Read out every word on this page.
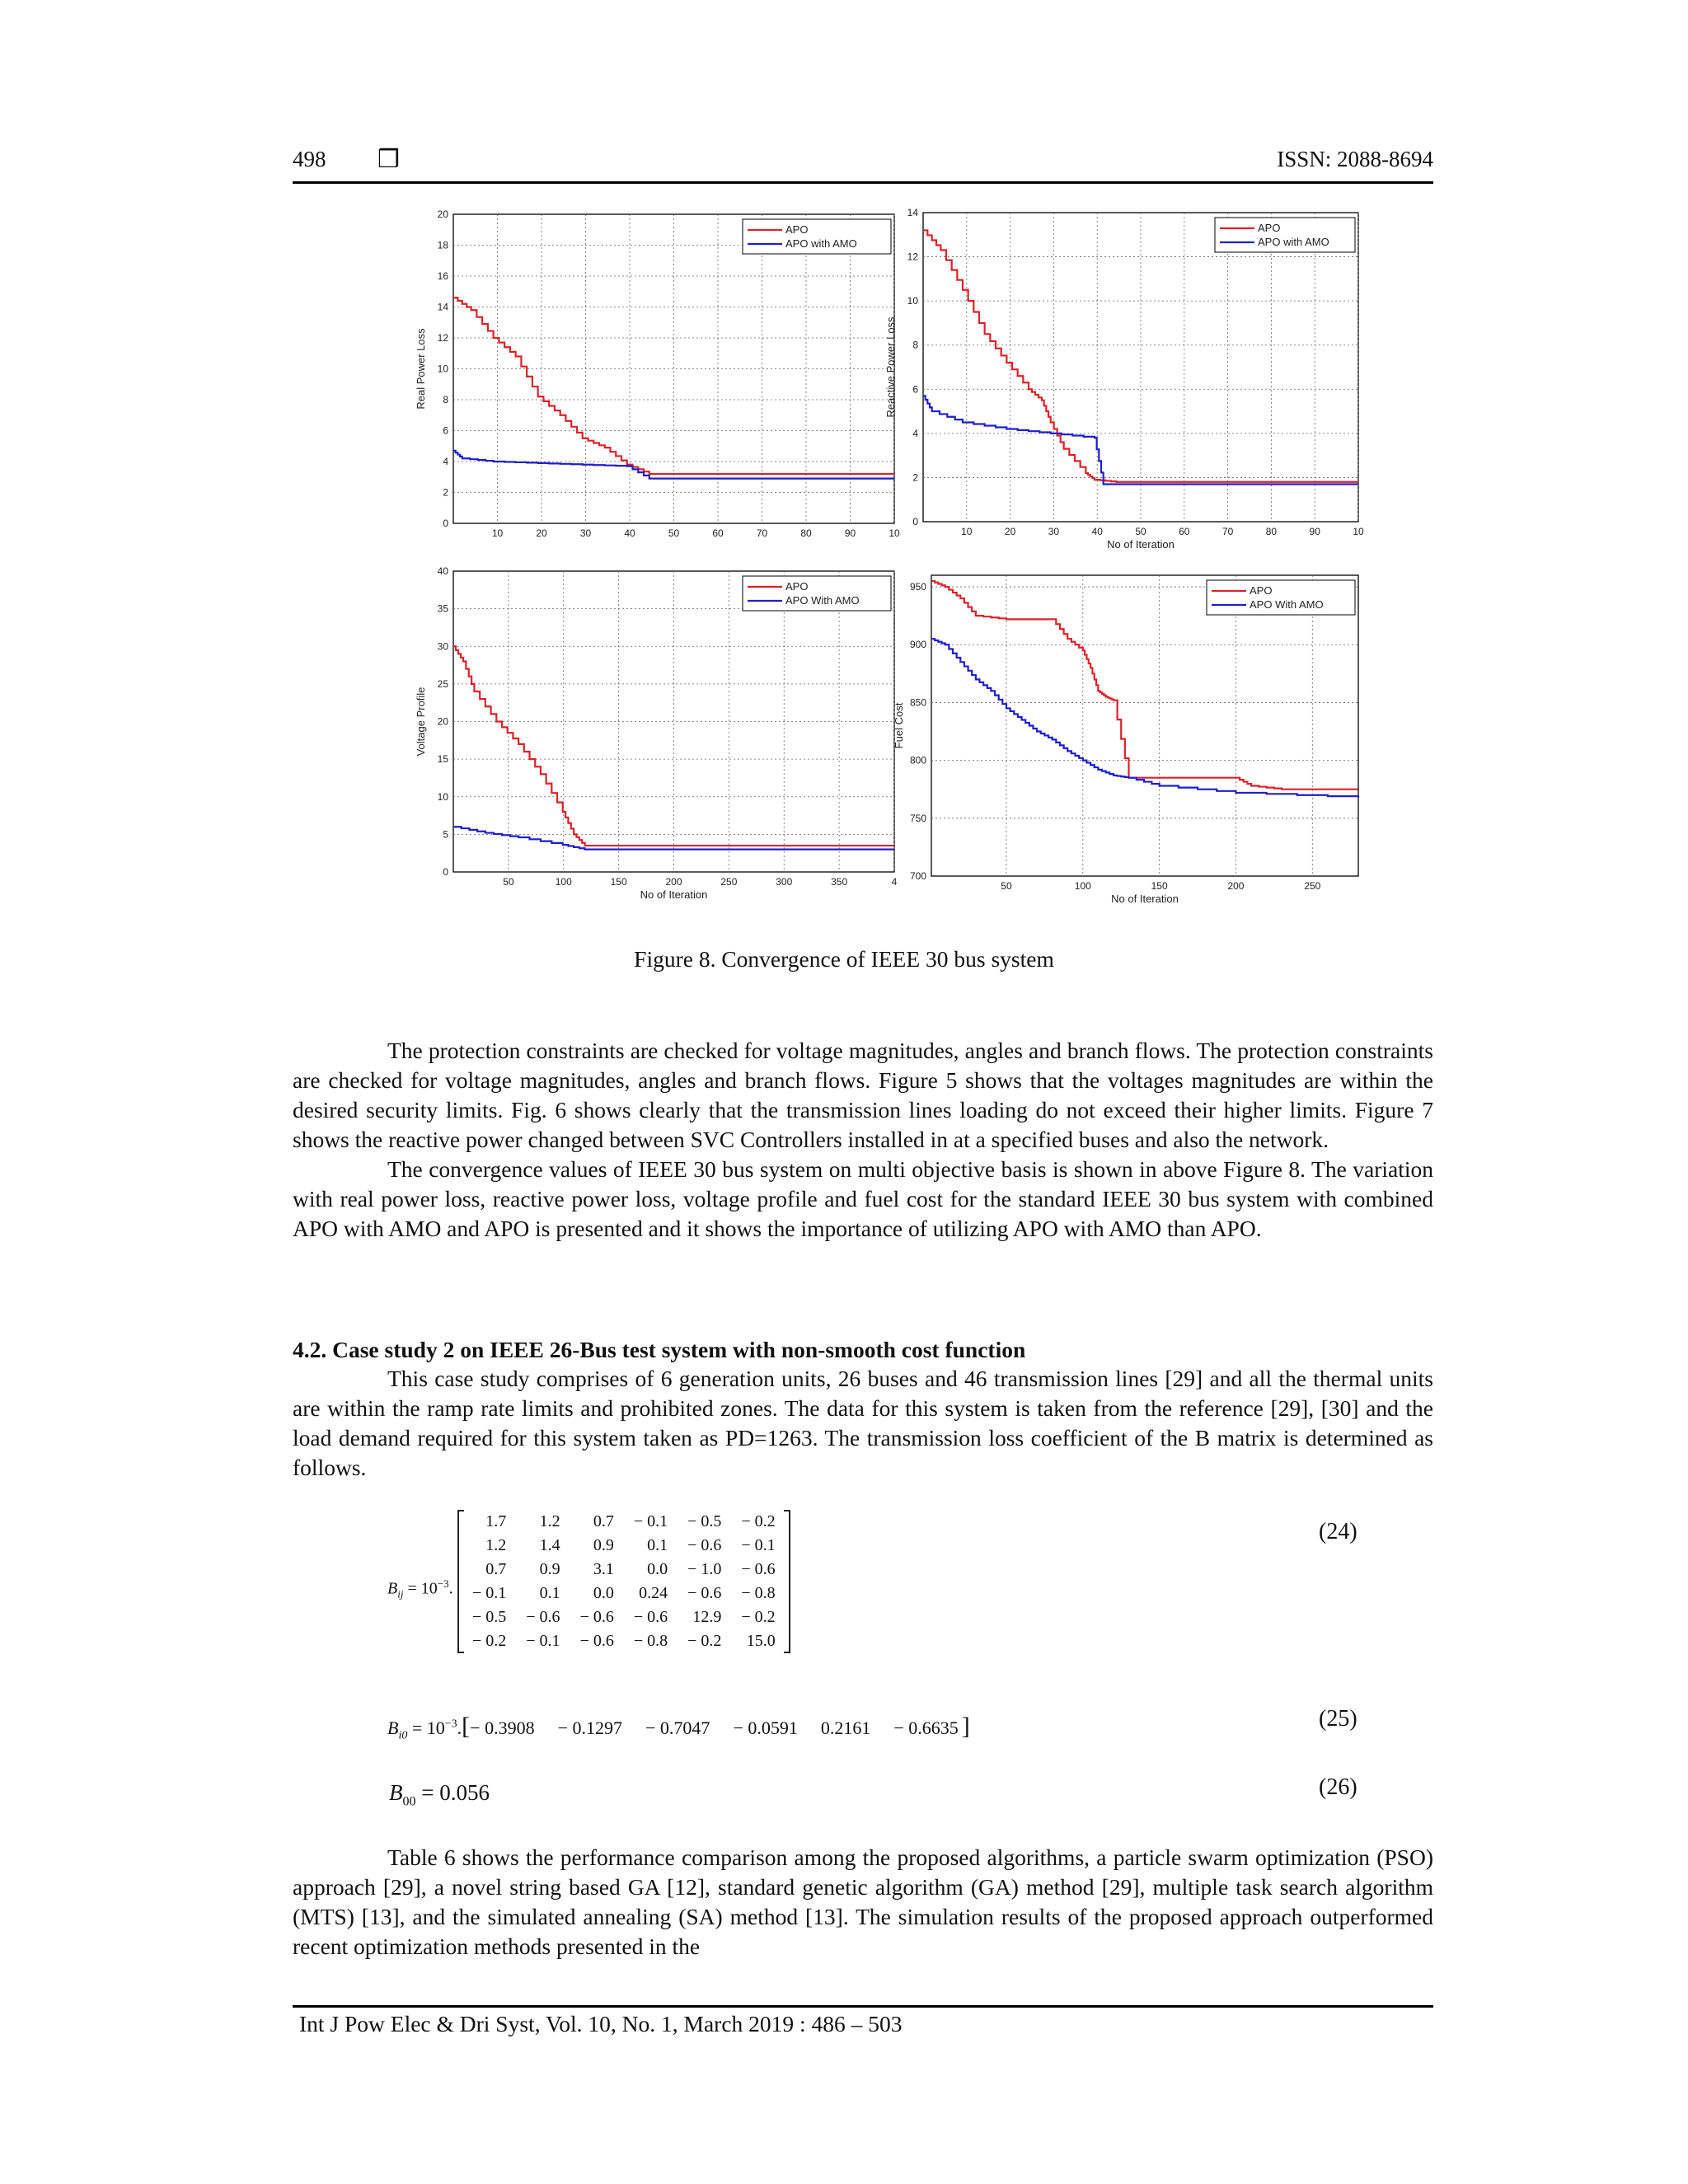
498 ❒	ISSN: 2088-8694
0
2
4
6
8
10
12
14
16
18
20
10	20	30	40	50	60	70	80	90	10
Real Power Loss
APO
APO with AMO
0
2
4
6
8
10
12
14
10	20	30	40	50	60	70	80	90	10
Reactive Power Loss
No of Iteration
APO
APO with AMO
0
5
10
15
20
25
30
35
40
50	100	150	200	250	300	350	4
Voltage Profile
No of Iteration
APO
APO With AMO
700
750
800
850
900
950
50	100	150	200	250
Fuel Cost
No of Iteration
APO
APO With AMO
Figure 8. Convergence of IEEE 30 bus system

The protection constraints are checked for voltage magnitudes, angles and branch flows. The protection constraints are checked for voltage magnitudes, angles and branch flows. Figure 5 shows that the voltages magnitudes are within the desired security limits. Fig. 6 shows clearly that the transmission lines loading do not exceed their higher limits. Figure 7 shows the reactive power changed between SVC Controllers installed in at a specified buses and also the network.

The convergence values of IEEE 30 bus system on multi objective basis is shown in above Figure 8. The variation with real power loss, reactive power loss, voltage profile and fuel cost for the standard IEEE 30 bus system with combined APO with AMO and APO is presented and it shows the importance of utilizing APO with AMO than APO.

4.2. Case study 2 on IEEE 26-Bus test system with non-smooth cost function

This case study comprises of 6 generation units, 26 buses and 46 transmission lines [29] and all the thermal units are within the ramp rate limits and prohibited zones. The data for this system is taken from the reference [29], [30] and the load demand required for this system taken as PD=1263. The transmission loss coefficient of the B matrix is determined as follows.

$B_{ij} = 10^{-3}$.
1.7	1.2	0.7	− 0.1	− 0.5	− 0.2
1.2	1.4	0.9	0.1	− 0.6	− 0.1
0.7	0.9	3.1	0.0	− 1.0	− 0.6
− 0.1	0.1	0.0	0.24	− 0.6	− 0.8
− 0.5	− 0.6	− 0.6	− 0.6	12.9	− 0.2
− 0.2	− 0.1	− 0.6	− 0.8	− 0.2	15.0
(24)
$B_{i0} = 10^{-3}.[- 0.3908 - 0.1297 - 0.7047 - 0.0591$ 0.2161 − 0.6635 ]	(25)
$B_{00} = 0.056$	(26)

Table 6 shows the performance comparison among the proposed algorithms, a particle swarm optimization (PSO) approach [29], a novel string based GA [12], standard genetic algorithm (GA) method [29], multiple task search algorithm (MTS) [13], and the simulated annealing (SA) method [13]. The simulation results of the proposed approach outperformed recent optimization methods presented in the

Int J Pow Elec & Dri Syst, Vol. 10, No. 1, March 2019 : 486 – 503
